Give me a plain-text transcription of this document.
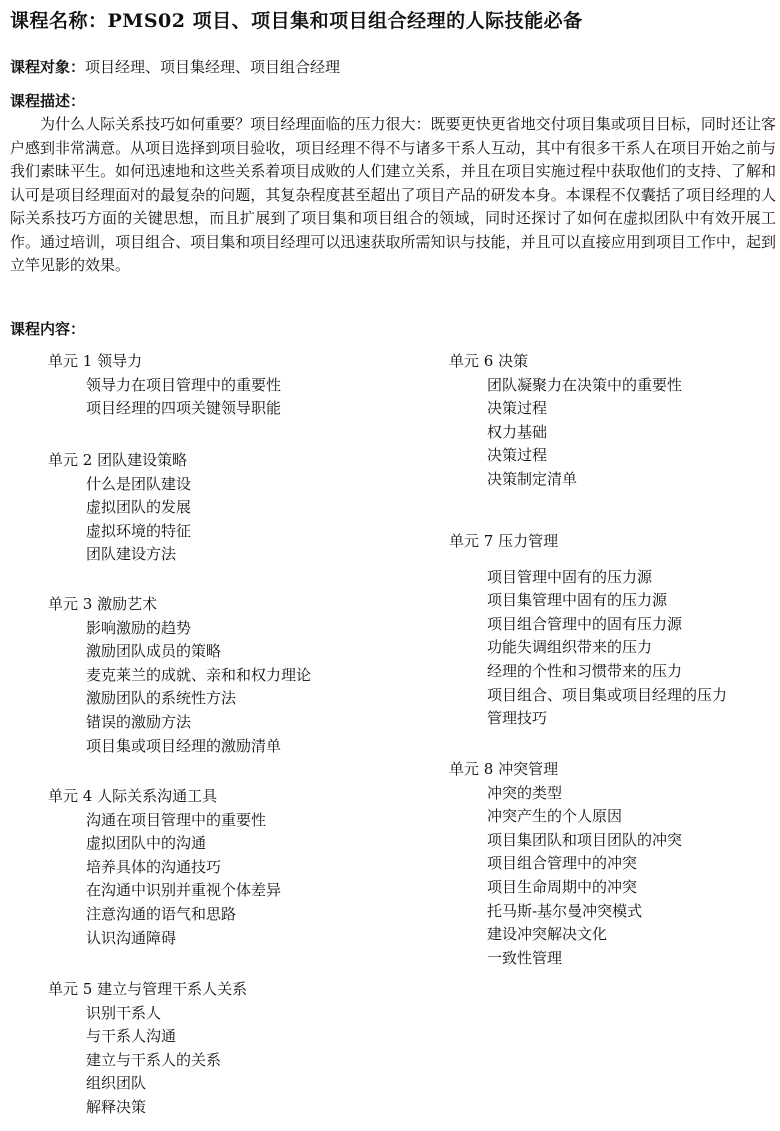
课程名称：PMS02 项目、项目集和项目组合经理的人际技能必备
课程对象：项目经理、项目集经理、项目组合经理
课程描述：

为什么人际关系技巧如何重要？项目经理面临的压力很大：既要更快更省地交付项目集或项目目标，同时还让客户感到非常满意。从项目选择到项目验收，项目经理不得不与诸多干系人互动，其中有很多干系人在项目开始之前与我们素昧平生。如何迅速地和这些关系着项目成败的人们建立关系，并且在项目实施过程中获取他们的支持、了解和认可是项目经理面对的最复杂的问题，其复杂程度甚至超出了项目产品的研发本身。本课程不仅囊括了项目经理的人际关系技巧方面的关键思想，而且扩展到了项目集和项目组合的领域，同时还探讨了如何在虚拟团队中有效开展工作。通过培训，项目组合、项目集和项目经理可以迅速获取所需知识与技能，并且可以直接应用到项目工作中，起到立竿见影的效果。

课程内容：
单元 1 领导力
领导力在项目管理中的重要性
项目经理的四项关键领导职能
单元 2 团队建设策略
什么是团队建设
虚拟团队的发展
虚拟环境的特征
团队建设方法
单元 3 激励艺术
影响激励的趋势
激励团队成员的策略
麦克莱兰的成就、亲和和权力理论
激励团队的系统性方法
错误的激励方法
项目集或项目经理的激励清单
单元 4 人际关系沟通工具
沟通在项目管理中的重要性
虚拟团队中的沟通
培养具体的沟通技巧
在沟通中识别并重视个体差异
注意沟通的语气和思路
认识沟通障碍
单元 5 建立与管理干系人关系
识别干系人
与干系人沟通
建立与干系人的关系
组织团队
解释决策
单元 6 决策
团队凝聚力在决策中的重要性
决策过程
权力基础
决策过程
决策制定清单
单元 7 压力管理
项目管理中固有的压力源
项目集管理中固有的压力源
项目组合管理中的固有压力源
功能失调组织带来的压力
经理的个性和习惯带来的压力
项目组合、项目集或项目经理的压力
管理技巧
单元 8 冲突管理
冲突的类型
冲突产生的个人原因
项目集团队和项目团队的冲突
项目组合管理中的冲突
项目生命周期中的冲突
托马斯-基尔曼冲突模式
建设冲突解决文化
一致性管理
